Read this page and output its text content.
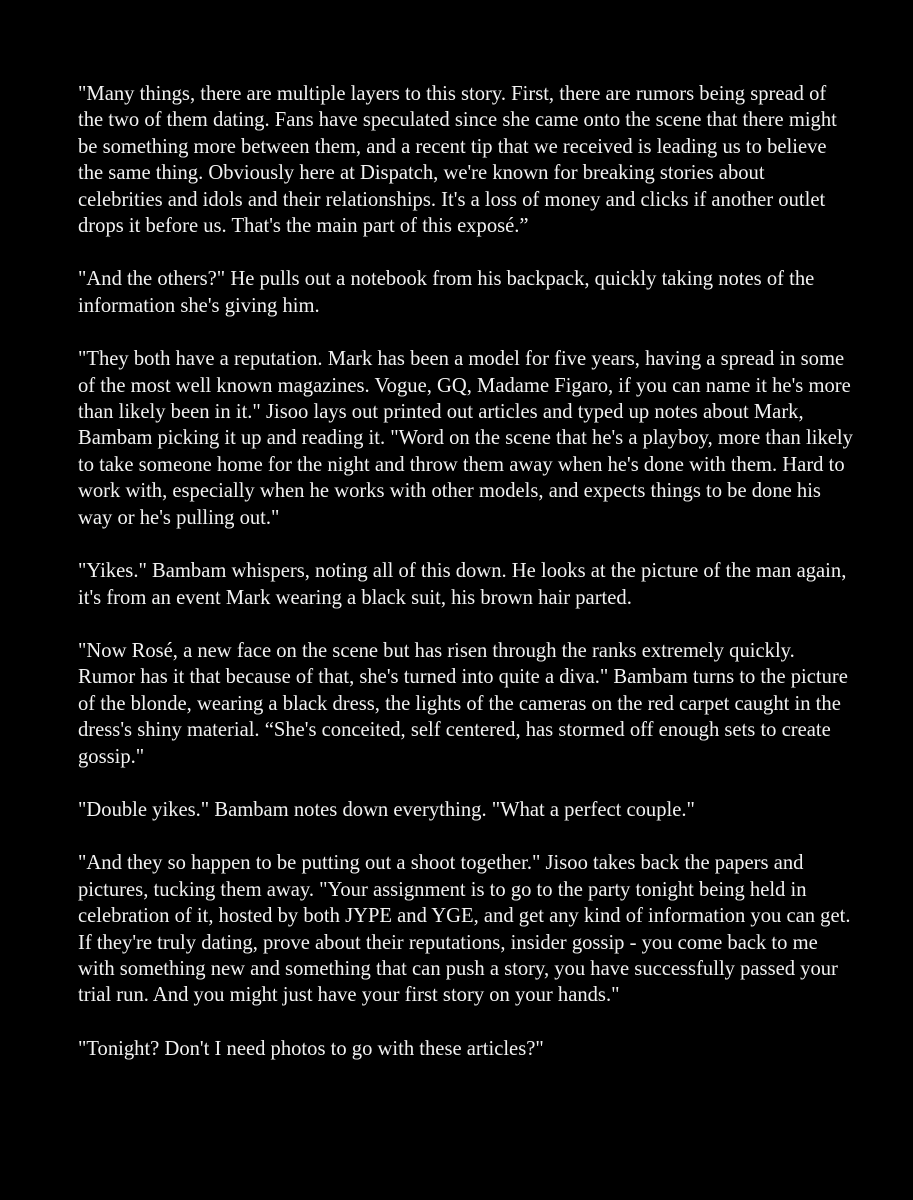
"Many things, there are multiple layers to this story. First, there are rumors being spread of the two of them dating. Fans have speculated since she came onto the scene that there might be something more between them, and a recent tip that we received is leading us to believe the same thing. Obviously here at Dispatch, we're known for breaking stories about celebrities and idols and their relationships. It's a loss of money and clicks if another outlet drops it before us. That's the main part of this exposé.”

"And the others?" He pulls out a notebook from his backpack, quickly taking notes of the information she's giving him.

"They both have a reputation. Mark has been a model for five years, having a spread in some of the most well known magazines. Vogue, GQ, Madame Figaro, if you can name it he's more than likely been in it." Jisoo lays out printed out articles and typed up notes about Mark, Bambam picking it up and reading it. "Word on the scene that he's a playboy, more than likely to take someone home for the night and throw them away when he's done with them. Hard to work with, especially when he works with other models, and expects things to be done his way or he's pulling out."

"Yikes." Bambam whispers, noting all of this down. He looks at the picture of the man again, it's from an event Mark wearing a black suit, his brown hair parted.

"Now Rosé, a new face on the scene but has risen through the ranks extremely quickly. Rumor has it that because of that, she's turned into quite a diva." Bambam turns to the picture of the blonde, wearing a black dress, the lights of the cameras on the red carpet caught in the dress's shiny material. “She's conceited, self centered, has stormed off enough sets to create gossip."

"Double yikes." Bambam notes down everything. "What a perfect couple."

"And they so happen to be putting out a shoot together." Jisoo takes back the papers and pictures, tucking them away. "Your assignment is to go to the party tonight being held in celebration of it, hosted by both JYPE and YGE, and get any kind of information you can get. If they're truly dating, prove about their reputations, insider gossip - you come back to me with something new and something that can push a story, you have successfully passed your trial run. And you might just have your first story on your hands."

"Tonight? Don't I need photos to go with these articles?"
